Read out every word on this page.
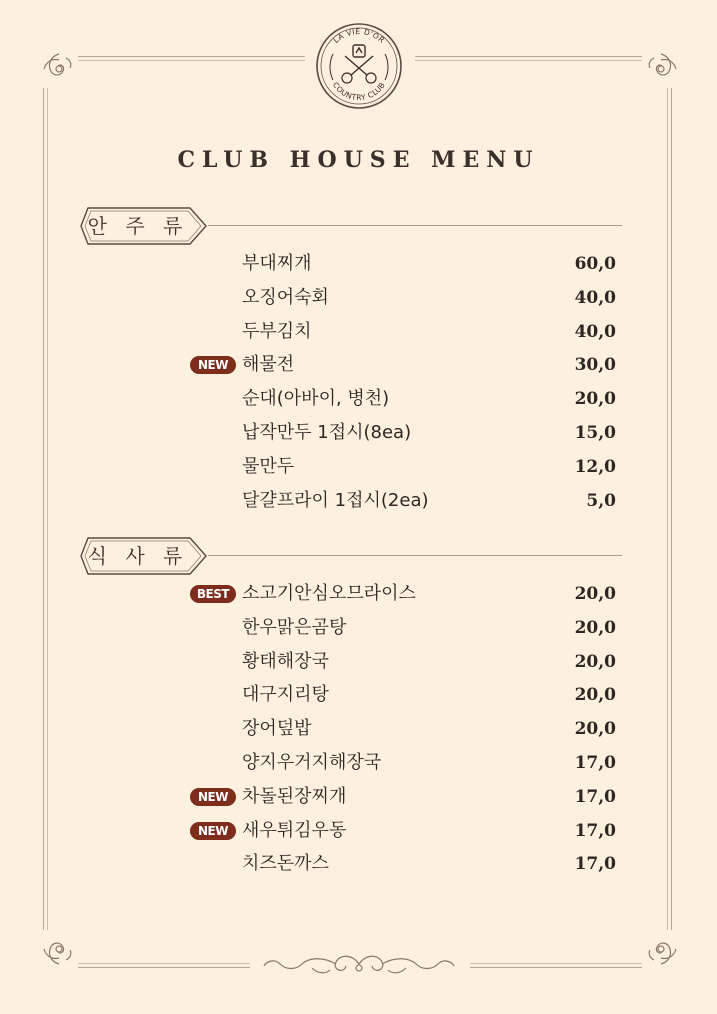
LA VIE D'OR
COUNTRY CLUB
CLUB HOUSE MENU
안 주 류
부대찌개	60,0
오징어숙회	40,0
두부김치	40,0
NEW 해물전	30,0
순대(아바이, 병천)	20,0
납작만두 1접시(8ea)	15,0
물만두	12,0
달걀프라이 1접시(2ea)	5,0
식 사 류
BEST 소고기안심오므라이스	20,0
한우맑은곰탕	20,0
황태해장국	20,0
대구지리탕	20,0
장어덮밥	20,0
양지우거지해장국	17,0
NEW 차돌된장찌개	17,0
NEW 새우튀김우동	17,0
치즈돈까스	17,0
